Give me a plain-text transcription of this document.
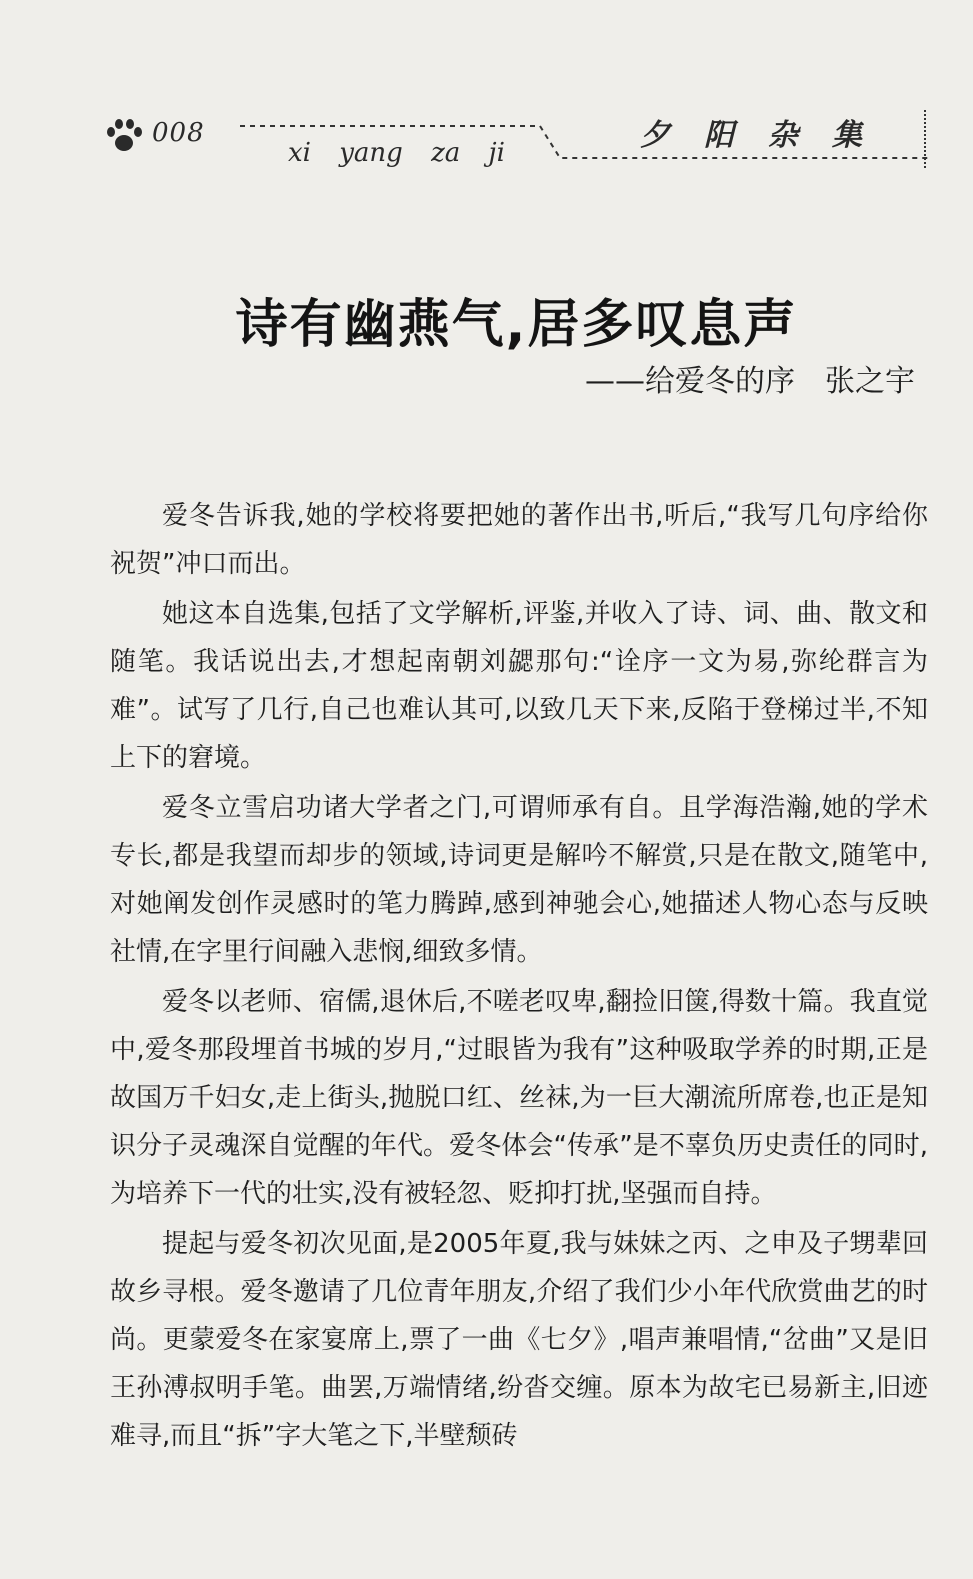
008
xi yang za ji	夕阳杂集
诗有幽燕气,居多叹息声
——给爱冬的序　张之宇

爱冬告诉我,她的学校将要把她的著作出书,听后,“我写几句序给你祝贺”冲口而出。

她这本自选集,包括了文学解析,评鉴,并收入了诗、词、曲、散文和随笔。我话说出去,才想起南朝刘勰那句:“诠序一文为易,弥纶群言为难”。试写了几行,自己也难认其可,以致几天下来,反陷于登梯过半,不知上下的窘境。

爱冬立雪启功诸大学者之门,可谓师承有自。且学海浩瀚,她的学术专长,都是我望而却步的领域,诗词更是解吟不解赏,只是在散文,随笔中,对她阐发创作灵感时的笔力腾踔,感到神驰会心,她描述人物心态与反映社情,在字里行间融入悲悯,细致多情。

爱冬以老师、宿儒,退休后,不嗟老叹卑,翻捡旧箧,得数十篇。我直觉中,爱冬那段埋首书城的岁月,“过眼皆为我有”这种吸取学养的时期,正是故国万千妇女,走上街头,抛脱口红、丝袜,为一巨大潮流所席卷,也正是知识分子灵魂深自觉醒的年代。爱冬体会“传承”是不辜负历史责任的同时,为培养下一代的壮实,没有被轻忽、贬抑打扰,坚强而自持。

提起与爱冬初次见面,是2005年夏,我与妹妹之丙、之申及子甥辈回故乡寻根。爱冬邀请了几位青年朋友,介绍了我们少小年代欣赏曲艺的时尚。更蒙爱冬在家宴席上,票了一曲《七夕》,唱声兼唱情,“岔曲”又是旧王孙溥叔明手笔。曲罢,万端情绪,纷沓交缠。原本为故宅已易新主,旧迹难寻,而且“拆”字大笔之下,半壁颓砖
